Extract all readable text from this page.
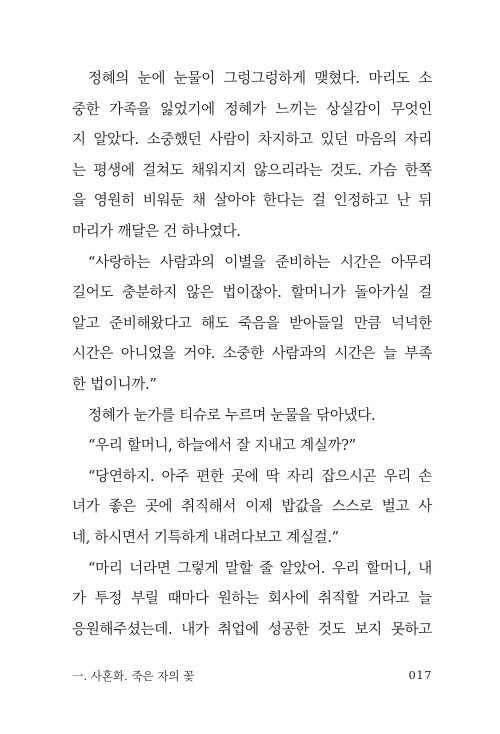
정혜의 눈에 눈물이 그렁그렁하게 맺혔다. 마리도 소
중한 가족을 잃었기에 정혜가 느끼는 상실감이 무엇인
지 알았다. 소중했던 사람이 차지하고 있던 마음의 자리
는 평생에 걸쳐도 채워지지 않으리라는 것도. 가슴 한쪽
을 영원히 비워둔 채 살아야 한다는 걸 인정하고 난 뒤
마리가 깨달은 건 하나였다.
“사랑하는 사람과의 이별을 준비하는 시간은 아무리
길어도 충분하지 않은 법이잖아. 할머니가 돌아가실 걸
알고 준비해왔다고 해도 죽음을 받아들일 만큼 넉넉한
시간은 아니었을 거야. 소중한 사람과의 시간은 늘 부족
한 법이니까.”
정혜가 눈가를 티슈로 누르며 눈물을 닦아냈다.
“우리 할머니, 하늘에서 잘 지내고 계실까?”
“당연하지. 아주 편한 곳에 딱 자리 잡으시곤 우리 손
녀가 좋은 곳에 취직해서 이제 밥값을 스스로 벌고 사
네, 하시면서 기특하게 내려다보고 계실걸.”
“마리 너라면 그렇게 말할 줄 알았어. 우리 할머니, 내
가 투정 부릴 때마다 원하는 회사에 취직할 거라고 늘
응원해주셨는데. 내가 취업에 성공한 것도 보지 못하고
一. 사혼화. 죽은 자의 꽃	017
